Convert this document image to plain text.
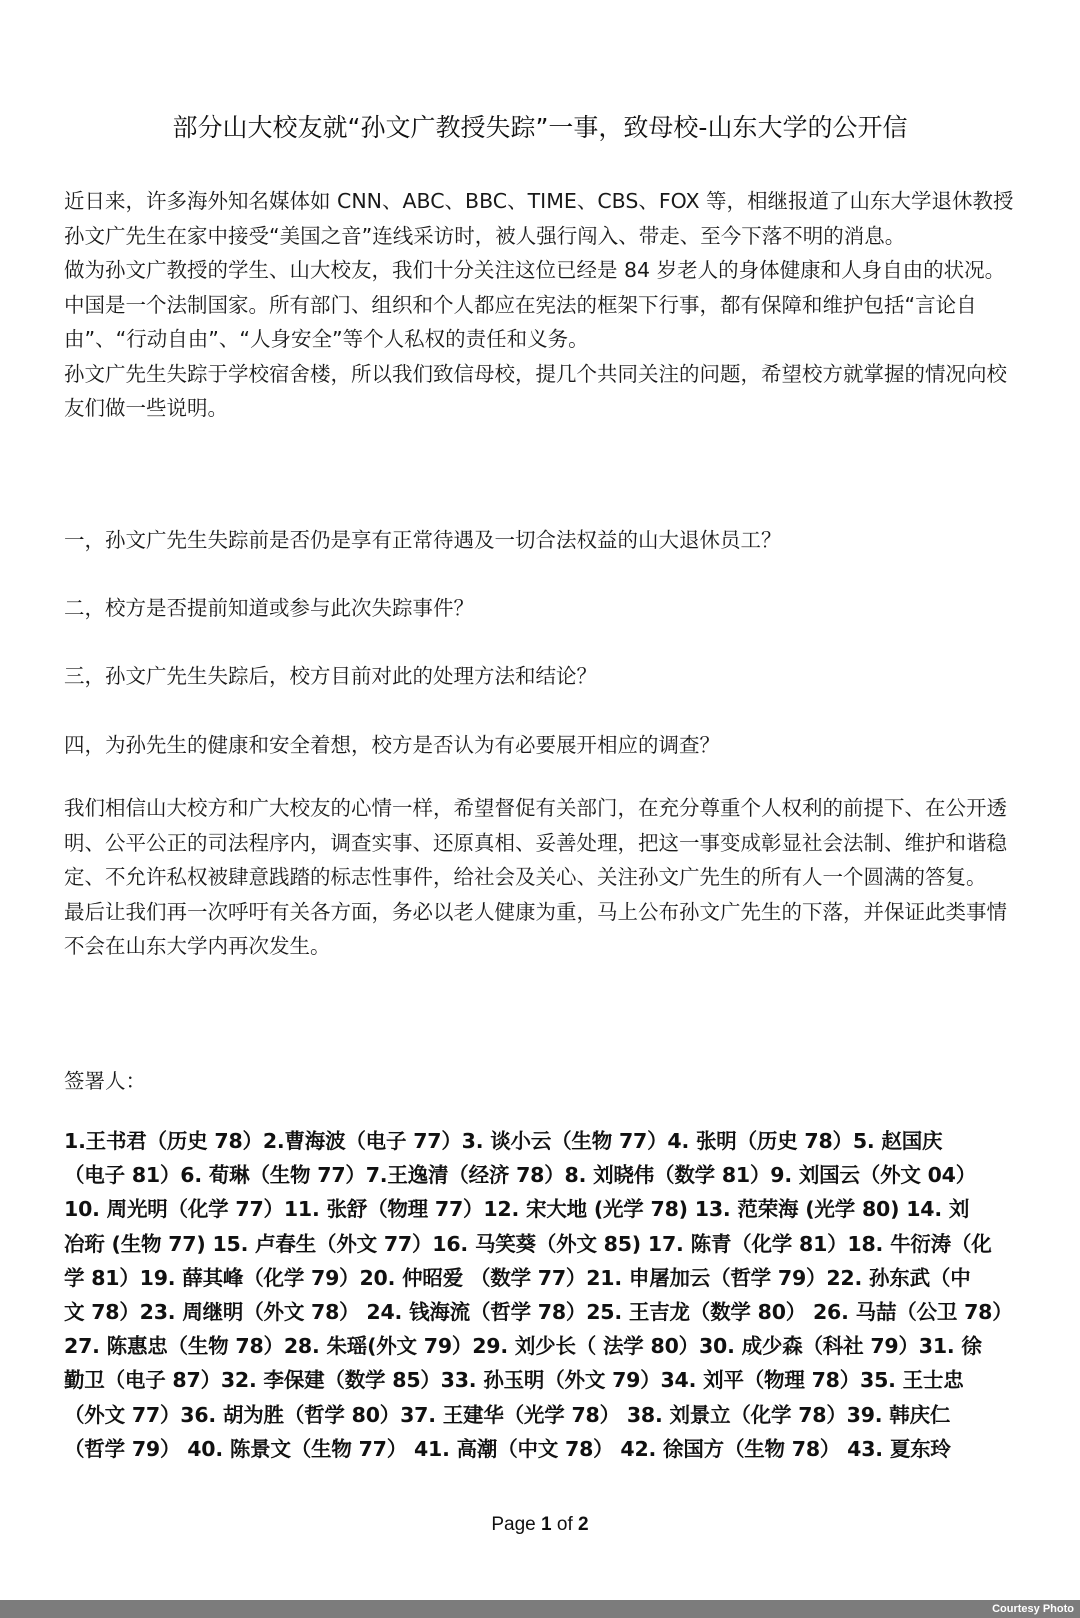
部分山大校友就“孙文广教授失踪”一事，致母校-山东大学的公开信

近日来，许多海外知名媒体如 CNN、ABC、BBC、TIME、CBS、FOX 等，相继报道了山东大学退休教授孙文广先生在家中接受“美国之音”连线采访时，被人强行闯入、带走、至今下落不明的消息。

做为孙文广教授的学生、山大校友，我们十分关注这位已经是 84 岁老人的身体健康和人身自由的状况。

中国是一个法制国家。所有部门、组织和个人都应在宪法的框架下行事，都有保障和维护包括“言论自由”、“行动自由”、“人身安全”等个人私权的责任和义务。

孙文广先生失踪于学校宿舍楼，所以我们致信母校，提几个共同关注的问题，希望校方就掌握的情况向校友们做一些说明。

一，孙文广先生失踪前是否仍是享有正常待遇及一切合法权益的山大退休员工？
二，校方是否提前知道或参与此次失踪事件？
三，孙文广先生失踪后，校方目前对此的处理方法和结论？
四，为孙先生的健康和安全着想，校方是否认为有必要展开相应的调查？

我们相信山大校方和广大校友的心情一样，希望督促有关部门，在充分尊重个人权利的前提下、在公开透明、公平公正的司法程序内，调查实事、还原真相、妥善处理，把这一事变成彰显社会法制、维护和谐稳定、不允许私权被肆意践踏的标志性事件，给社会及关心、关注孙文广先生的所有人一个圆满的答复。

最后让我们再一次呼吁有关各方面，务必以老人健康为重，马上公布孙文广先生的下落，并保证此类事情不会在山东大学内再次发生。

签署人：
1.王书君（历史 78）2.曹海波（电子 77）3. 谈小云（生物 77）4. 张明（历史 78）5. 赵国庆
（电子 81）6. 荀琳（生物 77）7.王逸清（经济 78）8. 刘晓伟（数学 81）9. 刘国云（外文 04）
10. 周光明（化学 77）11. 张舒（物理 77）12. 宋大地 (光学 78) 13. 范荣海 (光学 80) 14. 刘
冶珩 (生物 77) 15. 卢春生（外文 77）16. 马笑葵（外文 85) 17. 陈青（化学 81）18. 牛衍涛（化
学 81）19. 薛其峰（化学 79）20. 仲昭爱 （数学 77）21. 申屠加云（哲学 79）22. 孙东武（中
文 78）23. 周继明（外文 78） 24. 钱海流（哲学 78）25. 王吉龙（数学 80） 26. 马喆（公卫 78）
27. 陈惠忠（生物 78）28. 朱瑶(外文 79）29. 刘少长（ 法学 80）30. 成少森（科社 79）31. 徐
勤卫（电子 87）32. 李保建（数学 85）33. 孙玉明（外文 79）34. 刘平（物理 78）35. 王士忠
（外文 77）36. 胡为胜（哲学 80）37. 王建华（光学 78） 38. 刘景立（化学 78）39. 韩庆仁
（哲学 79） 40. 陈景文（生物 77） 41. 高潮（中文 78） 42. 徐国方（生物 78） 43. 夏东玲
Page 1 of 2
Courtesy Photo
